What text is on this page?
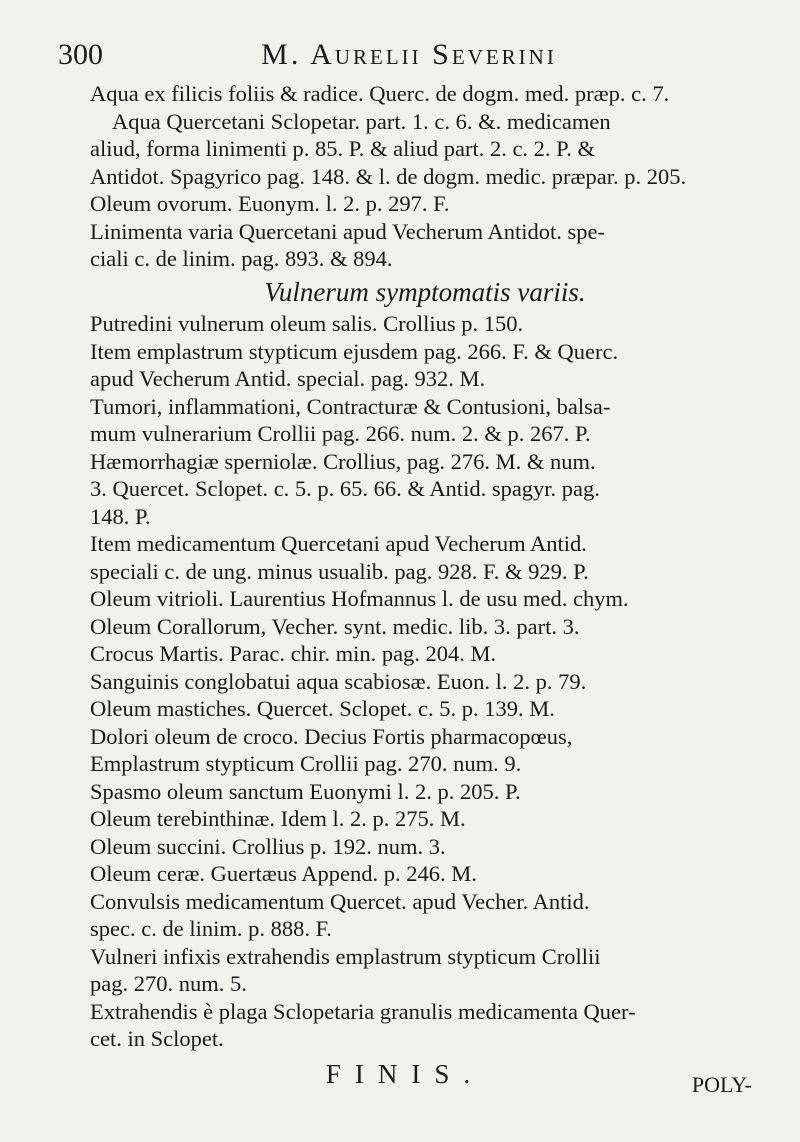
300	M. Aurelii Severini
Aqua ex filicis foliis & radice. Querc. de dogm. med. præp. c. 7.
Aqua Quercetani Sclopetar. part. 1. c. 6. &. medicamen
aliud, forma linimenti p. 85. P. & aliud part. 2. c. 2. P. &
Antidot. Spagyrico pag. 148. & l. de dogm. medic. præpar. p. 205.
Oleum ovorum. Euonym. l. 2. p. 297. F.
Linimenta varia Quercetani apud Vecherum Antidot. spe-
ciali c. de linim. pag. 893. & 894.
Vulnerum symptomatis variis.
Putredini vulnerum oleum salis. Crollius p. 150.
Item emplastrum stypticum ejusdem pag. 266. F. & Querc.
apud Vecherum Antid. special. pag. 932. M.
Tumori, inflammationi, Contracturæ & Contusioni, balsa-
mum vulnerarium Crollii pag. 266. num. 2. & p. 267. P.
Hæmorrhagiæ sperniolæ. Crollius, pag. 276. M. & num.
3. Quercet. Sclopet. c. 5. p. 65. 66. & Antid. spagyr. pag.
148. P.
Item medicamentum Quercetani apud Vecherum Antid.
speciali c. de ung. minus usualib. pag. 928. F. & 929. P.
Oleum vitrioli. Laurentius Hofmannus l. de usu med. chym.
Oleum Corallorum, Vecher. synt. medic. lib. 3. part. 3.
Crocus Martis. Parac. chir. min. pag. 204. M.
Sanguinis conglobatui aqua scabiosæ. Euon. l. 2. p. 79.
Oleum mastiches. Quercet. Sclopet. c. 5. p. 139. M.
Dolori oleum de croco. Decius Fortis pharmacopœus,
Emplastrum stypticum Crollii pag. 270. num. 9.
Spasmo oleum sanctum Euonymi l. 2. p. 205. P.
Oleum terebinthinæ. Idem l. 2. p. 275. M.
Oleum succini. Crollius p. 192. num. 3.
Oleum ceræ. Guertæus Append. p. 246. M.
Convulsis medicamentum Quercet. apud Vecher. Antid.
spec. c. de linim. p. 888. F.
Vulneri infixis extrahendis emplastrum stypticum Crollii
pag. 270. num. 5.
Extrahendis è plaga Sclopetaria granulis medicamenta Quer-
cet. in Sclopet.
FINIS.	POLY-
